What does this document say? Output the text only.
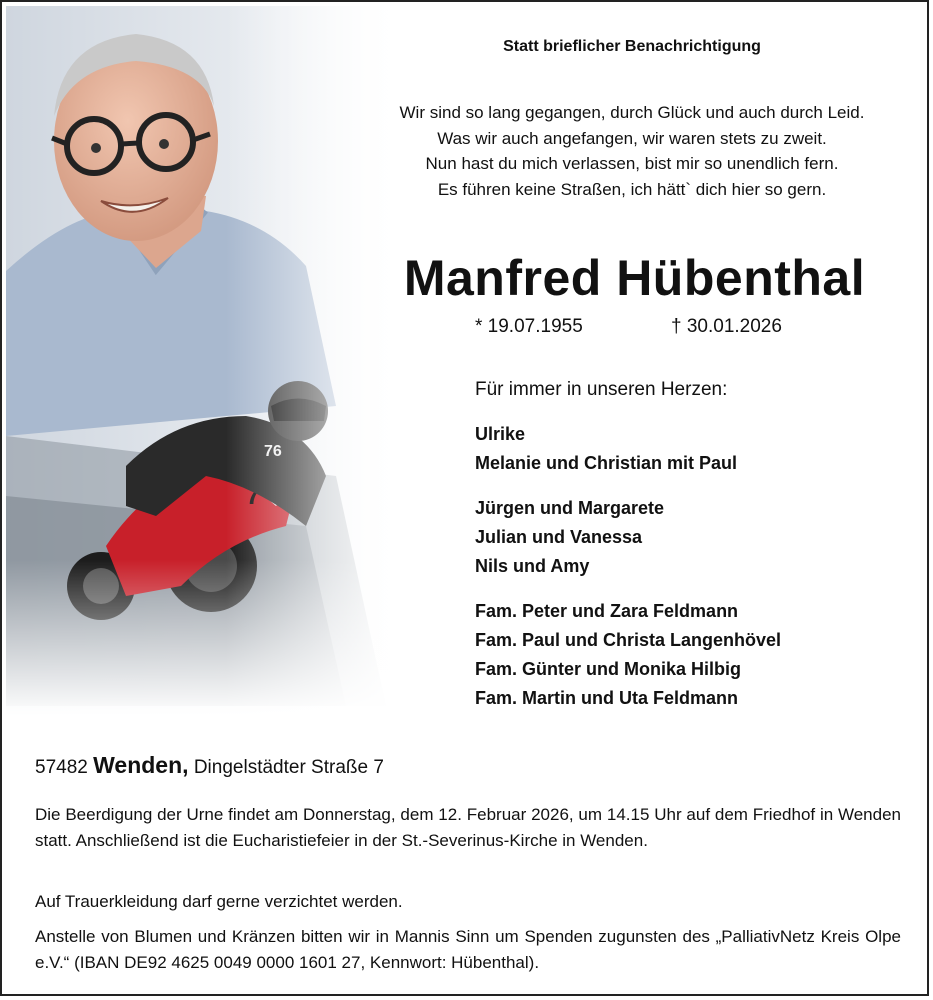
Statt brieflicher Benachrichtigung
Wir sind so lang gegangen, durch Glück und auch durch Leid.
Was wir auch angefangen, wir waren stets zu zweit.
Nun hast du mich verlassen, bist mir so unendlich fern.
Es führen keine Straßen, ich hätt` dich hier so gern.
Manfred Hübenthal
* 19.07.1955	† 30.01.2026
Für immer in unseren Herzen:
Ulrike
Melanie und Christian mit Paul
Jürgen und Margarete
Julian und Vanessa
Nils und Amy
Fam. Peter und Zara Feldmann
Fam. Paul und Christa Langenhövel
Fam. Günter und Monika Hilbig
Fam. Martin und Uta Feldmann
57482 Wenden, Dingelstädter Straße 7
Die Beerdigung der Urne findet am Donnerstag, dem 12. Februar 2026, um 14.15 Uhr auf dem Friedhof in Wenden statt. Anschließend ist die Eucharistiefeier in der St.-Severinus-Kirche in Wenden.
Auf Trauerkleidung darf gerne verzichtet werden.
Anstelle von Blumen und Kränzen bitten wir in Mannis Sinn um Spenden zugunsten des „PalliativNetz Kreis Olpe e.V.“ (IBAN DE92 4625 0049 0000 1601 27, Kennwort: Hübenthal).
